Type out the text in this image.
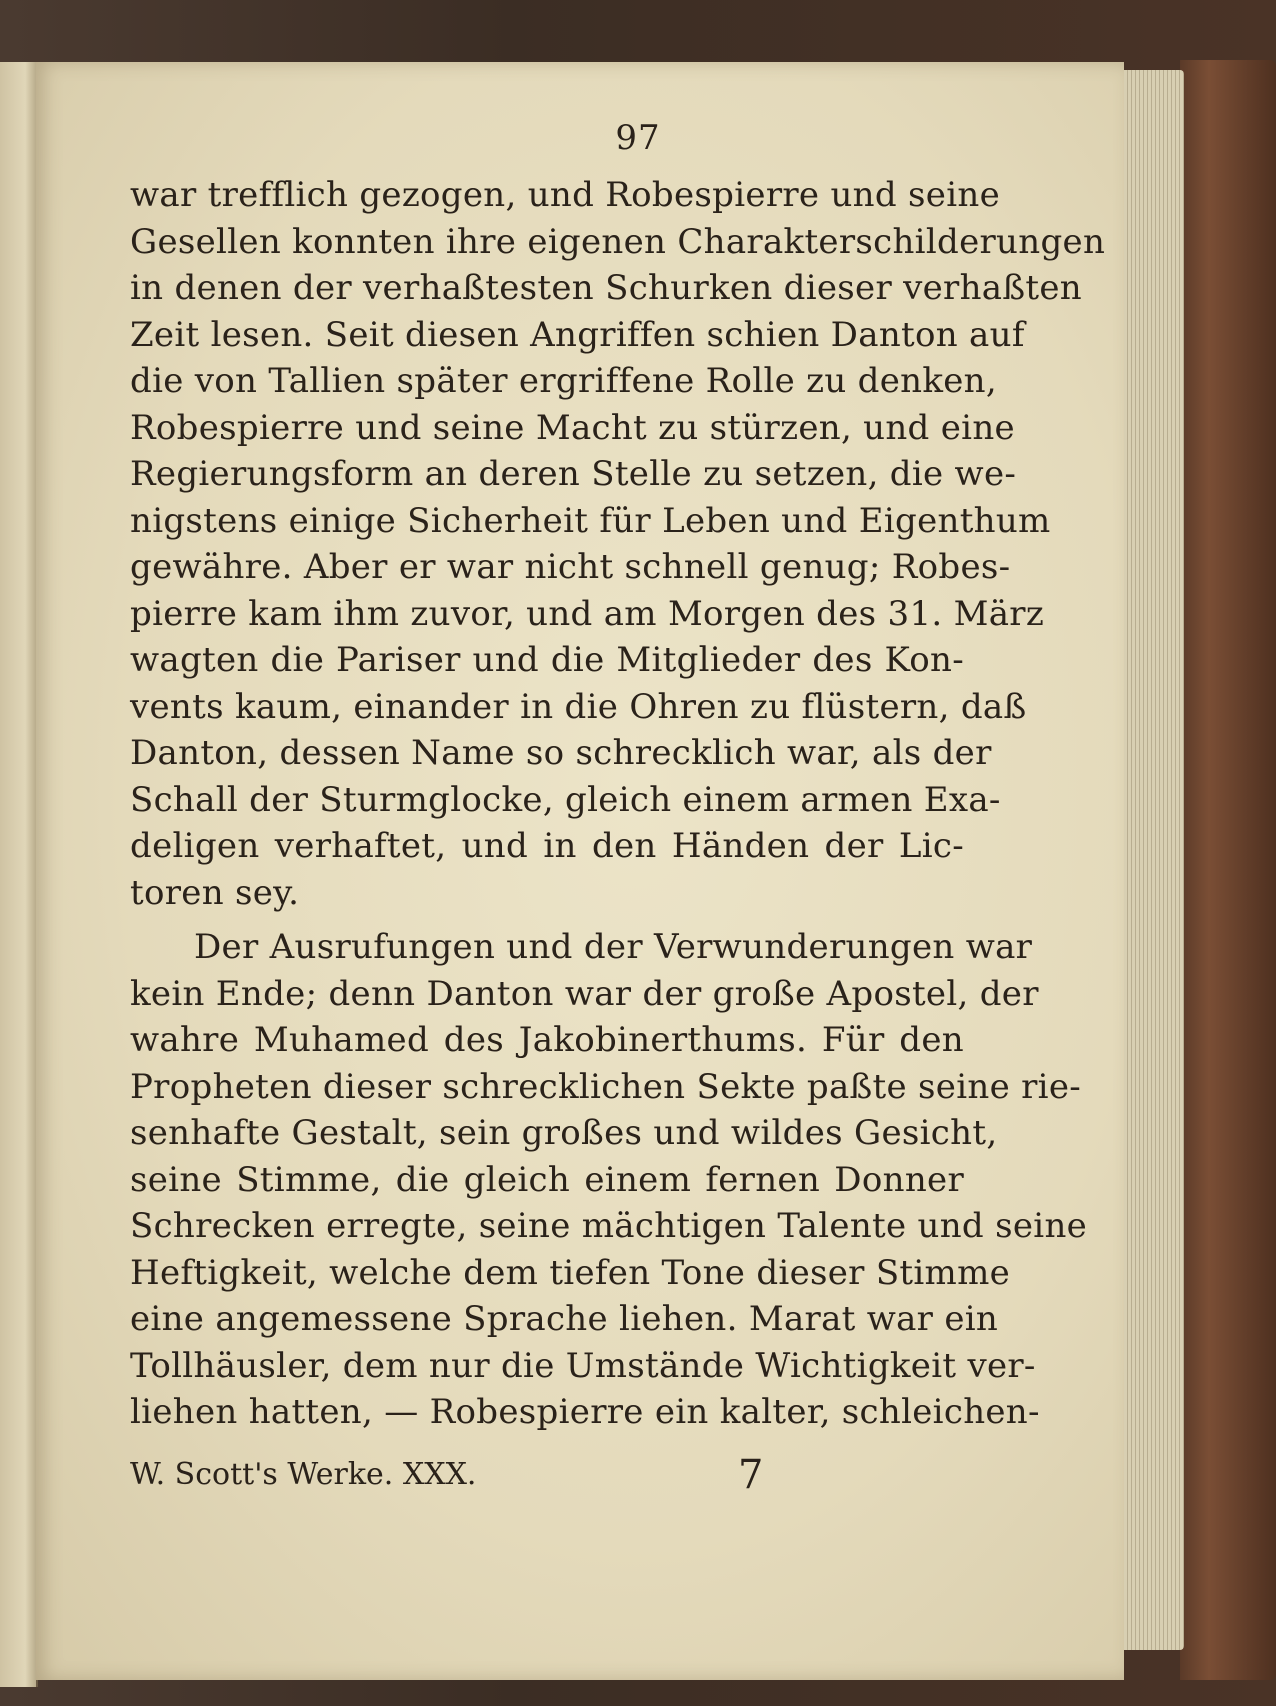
97
war trefflich gezogen, und Robespierre und seine
Gesellen konnten ihre eigenen Charakterschilderungen
in denen der verhaßtesten Schurken dieser verhaßten
Zeit lesen. Seit diesen Angriffen schien Danton auf
die von Tallien später ergriffene Rolle zu denken,
Robespierre und seine Macht zu stürzen, und eine
Regierungsform an deren Stelle zu setzen, die we-
nigstens einige Sicherheit für Leben und Eigenthum
gewähre. Aber er war nicht schnell genug; Robes-
pierre kam ihm zuvor, und am Morgen des 31. März
wagten die Pariser und die Mitglieder des Kon-
vents kaum, einander in die Ohren zu flüstern, daß
Danton, dessen Name so schrecklich war, als der
Schall der Sturmglocke, gleich einem armen Exa-
deligen verhaftet, und in den Händen der Lic-
toren sey.
Der Ausrufungen und der Verwunderungen war
kein Ende; denn Danton war der große Apostel, der
wahre Muhamed des Jakobinerthums. Für den
Propheten dieser schrecklichen Sekte paßte seine rie-
senhafte Gestalt, sein großes und wildes Gesicht,
seine Stimme, die gleich einem fernen Donner
Schrecken erregte, seine mächtigen Talente und seine
Heftigkeit, welche dem tiefen Tone dieser Stimme
eine angemessene Sprache liehen. Marat war ein
Tollhäusler, dem nur die Umstände Wichtigkeit ver-
liehen hatten, — Robespierre ein kalter, schleichen-
W. Scott's Werke. XXX.	7
